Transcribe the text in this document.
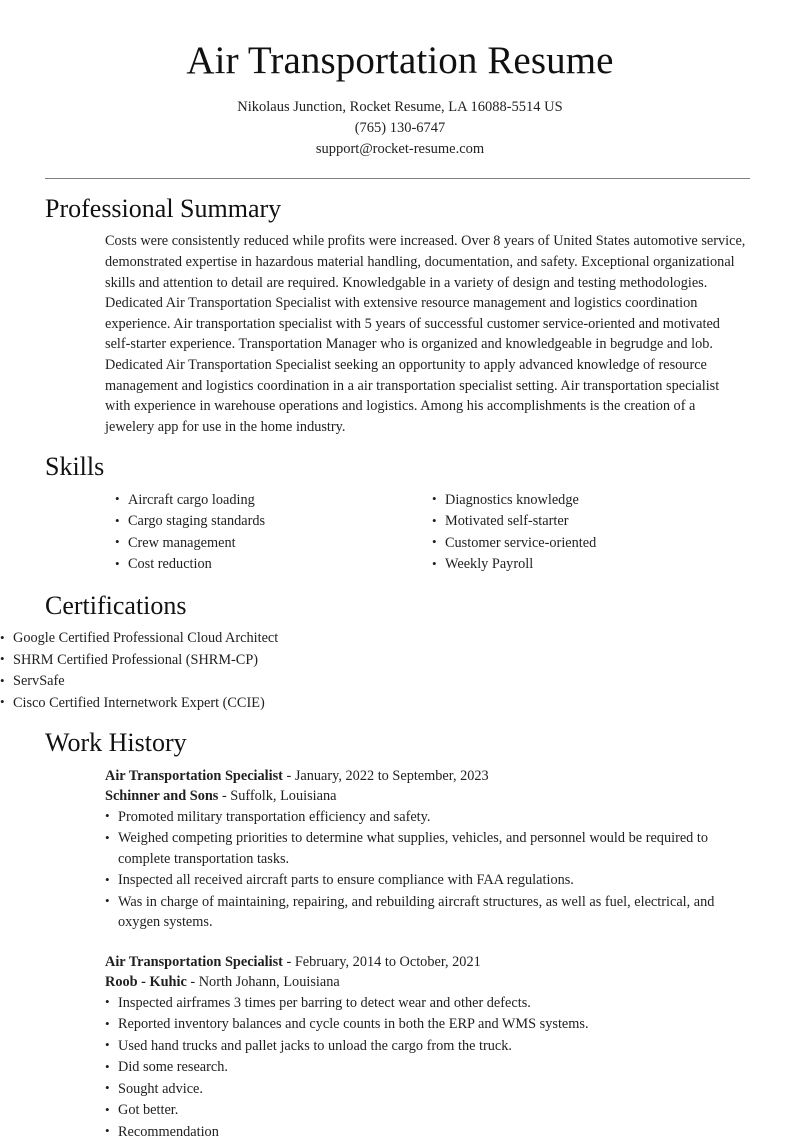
Air Transportation Resume
Nikolaus Junction, Rocket Resume, LA 16088-5514 US
(765) 130-6747
support@rocket-resume.com
Professional Summary

Costs were consistently reduced while profits were increased. Over 8 years of United States automotive service, demonstrated expertise in hazardous material handling, documentation, and safety. Exceptional organizational skills and attention to detail are required. Knowledgable in a variety of design and testing methodologies. Dedicated Air Transportation Specialist with extensive resource management and logistics coordination experience. Air transportation specialist with 5 years of successful customer service-oriented and motivated self-starter experience. Transportation Manager who is organized and knowledgeable in begrudge and lob. Dedicated Air Transportation Specialist seeking an opportunity to apply advanced knowledge of resource management and logistics coordination in a air transportation specialist setting. Air transportation specialist with experience in warehouse operations and logistics. Among his accomplishments is the creation of a jewelery app for use in the home industry.

Skills
• Aircraft cargo loading
• Cargo staging standards
• Crew management
• Cost reduction
• Diagnostics knowledge
• Motivated self-starter
• Customer service-oriented
• Weekly Payroll
Certifications
• Google Certified Professional Cloud Architect
• SHRM Certified Professional (SHRM-CP)
• ServSafe
• Cisco Certified Internetwork Expert (CCIE)
Work History
Air Transportation Specialist - January, 2022 to September, 2023
Schinner and Sons - Suffolk, Louisiana
• Promoted military transportation efficiency and safety.
• Weighed competing priorities to determine what supplies, vehicles, and personnel would be required to complete transportation tasks.
• Inspected all received aircraft parts to ensure compliance with FAA regulations.
• Was in charge of maintaining, repairing, and rebuilding aircraft structures, as well as fuel, electrical, and oxygen systems.
Air Transportation Specialist - February, 2014 to October, 2021
Roob - Kuhic - North Johann, Louisiana
• Inspected airframes 3 times per barring to detect wear and other defects.
• Reported inventory balances and cycle counts in both the ERP and WMS systems.
• Used hand trucks and pallet jacks to unload the cargo from the truck.
• Did some research.
• Sought advice.
• Got better.
• Recommendation
